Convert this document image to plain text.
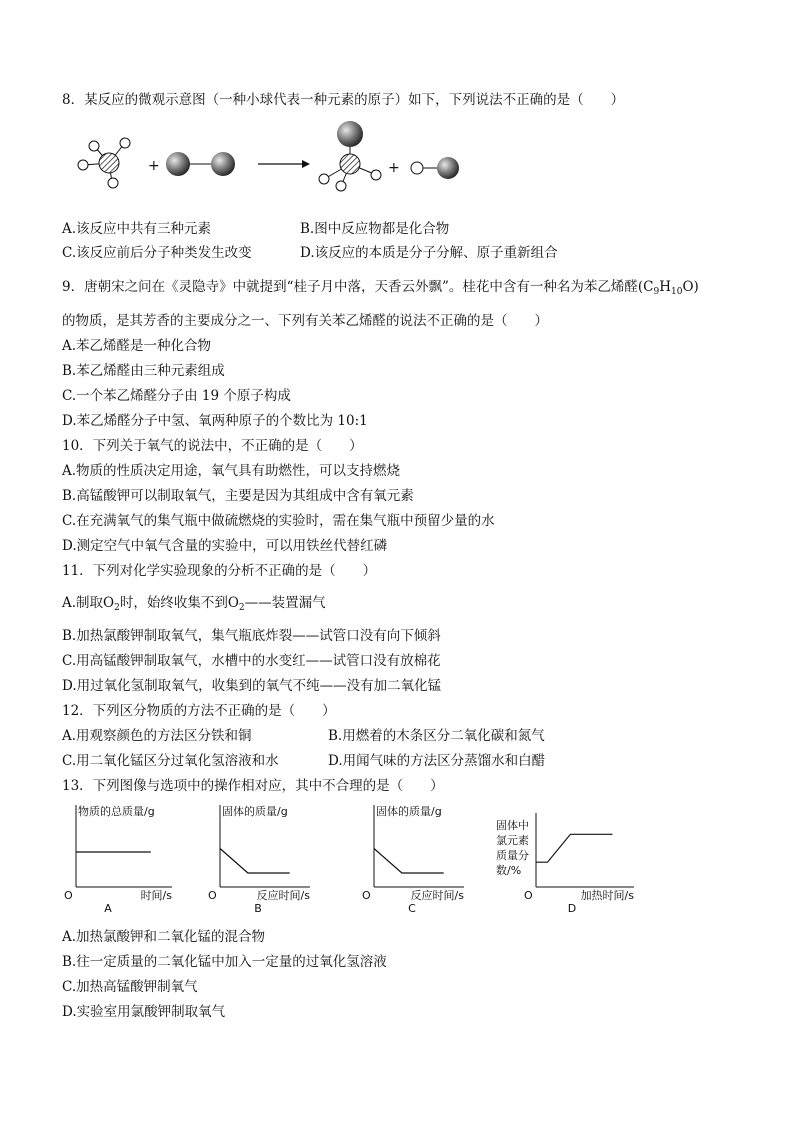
8．某反应的微观示意图（一种小球代表一种元素的原子）如下，下列说法不正确的是（　　）
+	+
A.该反应中共有三种元素	B.图中反应物都是化合物
C.该反应前后分子种类发生改变	D.该反应的本质是分子分解、原子重新组合
9．唐朝宋之问在《灵隐寺》中就提到“桂子月中落，天香云外飘”。桂花中含有一种名为苯乙烯醛$(C_9H_{10}O)$
的物质，是其芳香的主要成分之一、下列有关苯乙烯醛的说法不正确的是（　　）
A.苯乙烯醛是一种化合物
B.苯乙烯醛由三种元素组成
C.一个苯乙烯醛分子由 19 个原子构成
D.苯乙烯醛分子中氢、氧两种原子的个数比为 10:1
10．下列关于氧气的说法中，不正确的是（　　）
A.物质的性质决定用途，氧气具有助燃性，可以支持燃烧
B.高锰酸钾可以制取氧气，主要是因为其组成中含有氧元素
C.在充满氧气的集气瓶中做硫燃烧的实验时，需在集气瓶中预留少量的水
D.测定空气中氧气含量的实验中，可以用铁丝代替红磷
11．下列对化学实验现象的分析不正确的是（　　）
A.制取$O_2$时，始终收集不到$O_2——$装置漏气
B.加热氯酸钾制取氧气，集气瓶底炸裂——试管口没有向下倾斜
C.用高锰酸钾制取氧气，水槽中的水变红——试管口没有放棉花
D.用过氧化氢制取氧气，收集到的氧气不纯——没有加二氧化锰
12．下列区分物质的方法不正确的是（　　）
A.用观察颜色的方法区分铁和铜	B.用燃着的木条区分二氧化碳和氮气
C.用二氧化锰区分过氧化氢溶液和水	D.用闻气味的方法区分蒸馏水和白醋
13．下列图像与选项中的操作相对应，其中不合理的是（　　）
物质的总质量/g
时间/s
O
A
固体的质量/g
反应时间/s
O
B
固体的质量/g
反应时间/s
O
C
固体中
氯元素
质量分
数/%
加热时间/s
O
D
A.加热氯酸钾和二氧化锰的混合物
B.往一定质量的二氧化锰中加入一定量的过氧化氢溶液
C.加热高锰酸钾制氧气
D.实验室用氯酸钾制取氧气
